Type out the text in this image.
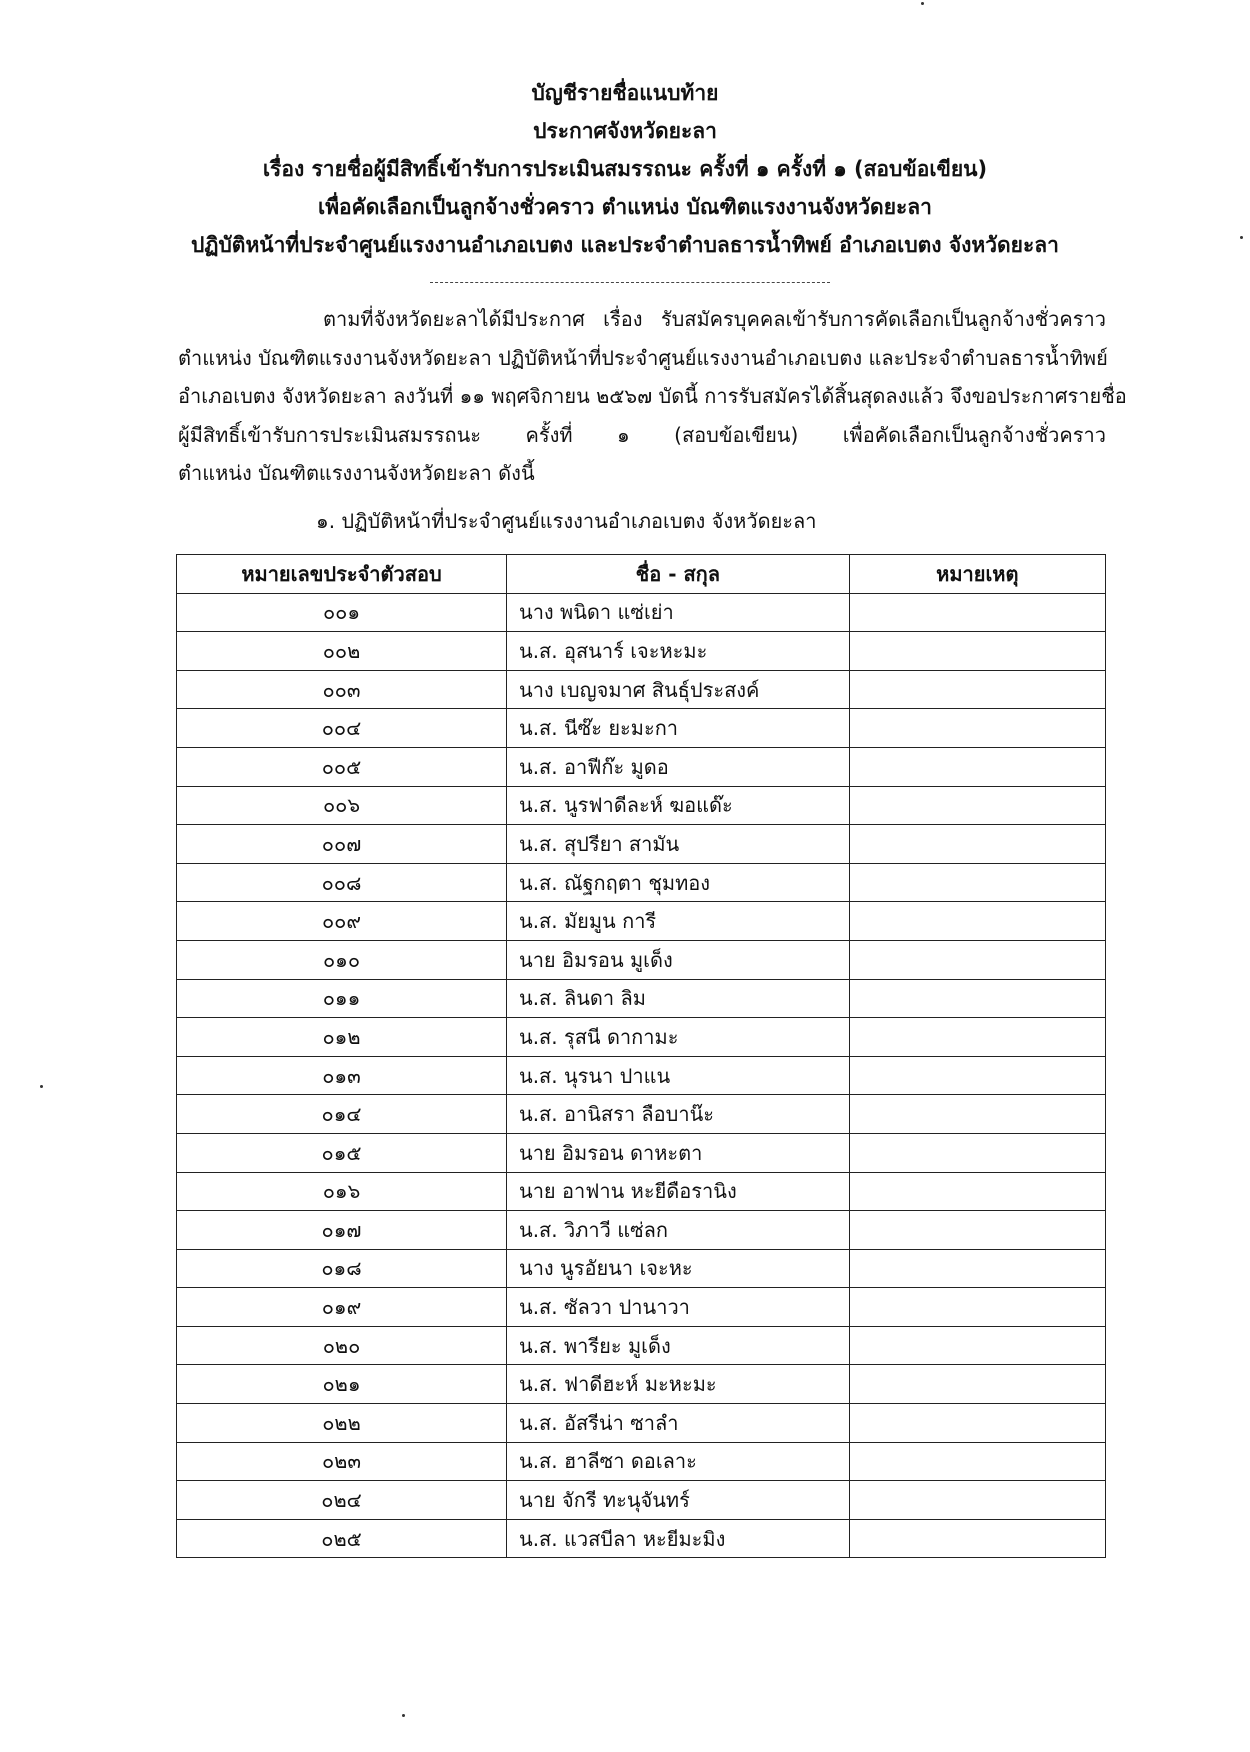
บัญชีรายชื่อแนบท้าย
ประกาศจังหวัดยะลา
เรื่อง รายชื่อผู้มีสิทธิ์เข้ารับการประเมินสมรรถนะ ครั้งที่ ๑ ครั้งที่ ๑ (สอบข้อเขียน)
เพื่อคัดเลือกเป็นลูกจ้างชั่วคราว ตำแหน่ง บัณฑิตแรงงานจังหวัดยะลา
ปฏิบัติหน้าที่ประจำศูนย์แรงงานอำเภอเบตง และประจำตำบลธารน้ำทิพย์ อำเภอเบตง จังหวัดยะลา
ตามที่จังหวัดยะลาได้มีประกาศ เรื่อง รับสมัครบุคคลเข้ารับการคัดเลือกเป็นลูกจ้างชั่วคราว
ตำแหน่ง บัณฑิตแรงงานจังหวัดยะลา ปฏิบัติหน้าที่ประจำศูนย์แรงงานอำเภอเบตง และประจำตำบลธารน้ำทิพย์
อำเภอเบตง จังหวัดยะลา ลงวันที่ ๑๑ พฤศจิกายน ๒๕๖๗ บัดนี้ การรับสมัครได้สิ้นสุดลงแล้ว จึงขอประกาศรายชื่อ
ผู้มีสิทธิ์เข้ารับการประเมินสมรรถนะ ครั้งที่ ๑ (สอบข้อเขียน) เพื่อคัดเลือกเป็นลูกจ้างชั่วคราว
ตำแหน่ง บัณฑิตแรงงานจังหวัดยะลา ดังนี้
๑. ปฏิบัติหน้าที่ประจำศูนย์แรงงานอำเภอเบตง จังหวัดยะลา
หมายเลขประจำตัวสอบ	ชื่อ - สกุล	หมายเหตุ
๐๐๑	นาง พนิดา แซ่เย่า	
๐๐๒	น.ส. อุสนาร์ เจะหะมะ	
๐๐๓	นาง เบญจมาศ สินธุ์ประสงค์	
๐๐๔	น.ส. นีซ๊ะ ยะมะกา	
๐๐๕	น.ส. อาฟีก๊ะ มูดอ	
๐๐๖	น.ส. นูรฟาดีละห์ ฆอแด๊ะ	
๐๐๗	น.ส. สุปรียา สามัน	
๐๐๘	น.ส. ณัฐกฤตา ชุมทอง	
๐๐๙	น.ส. มัยมูน การี	
๐๑๐	นาย อิมรอน มูเด็ง	
๐๑๑	น.ส. ลินดา ลิม	
๐๑๒	น.ส. รุสนี ดากามะ	
๐๑๓	น.ส. นุรนา ปาแน	
๐๑๔	น.ส. อานิสรา ลือบาน๊ะ	
๐๑๕	นาย อิมรอน ดาหะตา	
๐๑๖	นาย อาฟาน หะยีดือรานิง	
๐๑๗	น.ส. วิภาวี แซ่ลก	
๐๑๘	นาง นูรอัยนา เจะหะ	
๐๑๙	น.ส. ซัลวา ปานาวา	
๐๒๐	น.ส. พารียะ มูเด็ง	
๐๒๑	น.ส. ฟาดีฮะห์ มะหะมะ	
๐๒๒	น.ส. อัสรีน่า ซาลำ	
๐๒๓	น.ส. ฮาลีซา ดอเลาะ	
๐๒๔	นาย จักรี ทะนุจันทร์	
๐๒๕	น.ส. แวสบีลา หะยีมะมิง	
